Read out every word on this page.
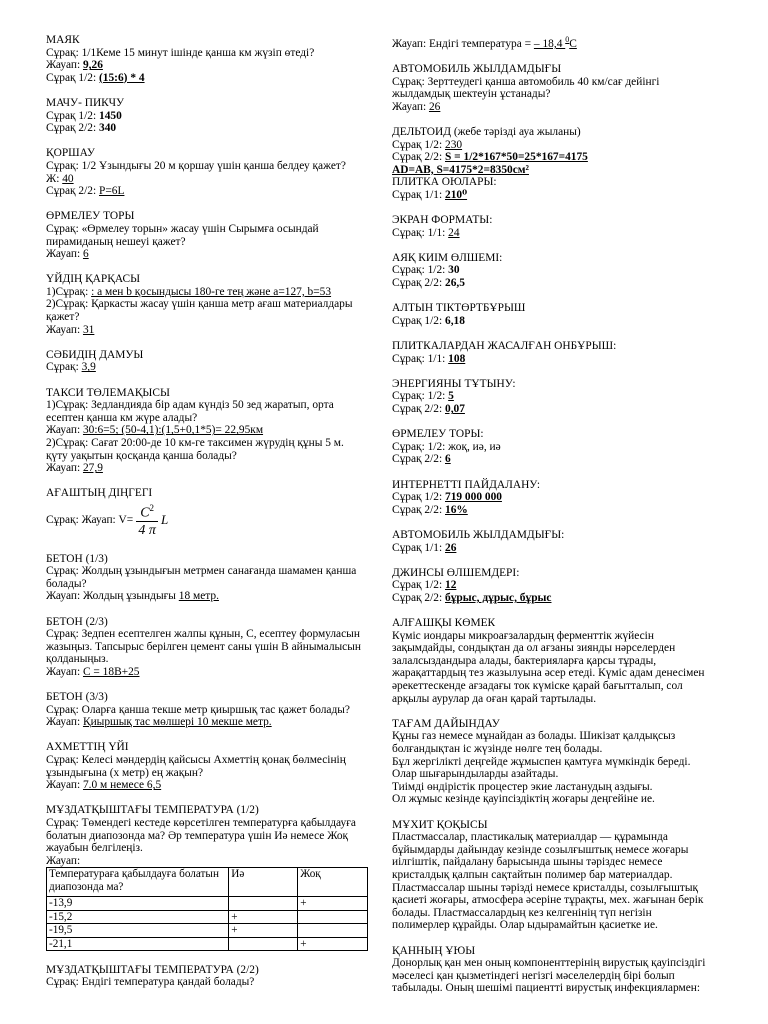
МАЯК
Сұрақ: 1/1Кеме 15 минут ішінде қанша км жүзіп өтеді?
Жауап: 9,26
Сұрақ 1/2: (15:6) * 4
МАЧУ- ПИКЧУ
Сұрақ 1/2: 1450
Сұрақ 2/2: 340
ҚОРШАУ
Сұрақ: 1/2 Ұзындығы 20 м қоршау үшін қанша белдеу қажет?
Ж: 40
Сұрақ 2/2: P=6L
ӨРМЕЛЕУ ТОРЫ
Сұрақ: «Өрмелеу торын» жасау үшін Сырымға осындай
пирамиданың нешеуі қажет?
Жауап: 6
ҮЙДІҢ ҚАРҚАСЫ
1)Сұрақ: : a мен b қосындысы 180-ге тең және a=127, b=53
2)Сұрақ: Қаркасты жасау үшін қанша метр ағаш материалдары
қажет?
Жауап: 31
СӘБИДІҢ ДАМУЫ
Сұрақ: 3,9
ТАКСИ ТӨЛЕМАҚЫСЫ
1)Сұрақ: Зедландияда бір адам күндіз 50 зед жаратып, орта
есептен қанша км жүре алады?
Жауап: 30:6=5; (50-4,1):(1,5+0,1*5)= 22,95км
2)Сұрақ: Сағат 20:00-де 10 км-ге таксимен жүрудің құны 5 м.
қүту уақытын қосқанда қанша болады?
Жауап: 27,9
АҒАШТЫҢ ДІҢГЕГІ
Сұрақ: Жауап: $V= \frac{C^2}{4 \pi}$ L
БЕТОН (1/3)
Сұрақ: Жолдың ұзындығын метрмен санағанда шамамен қанша
болады?
Жауап: Жолдың ұзындығы 18 метр.
БЕТОН (2/3)
Сұрақ: Зедпен есептелген жалпы құнын, С, есептеу формуласын
жазыңыз. Тапсырыс берілген цемент саны үшін В айнымалысын
қолданыңыз.
Жауап: C = 18B+25
БЕТОН (3/3)
Сұрақ: Оларға қанша текше метр қиыршық тас қажет болады?
Жауап: Қиыршық тас мөлшері 10 мекше метр.
АХМЕТТІҢ ҮЙІ
Сұрақ: Келесі мәндердің қайсысы Ахметтің қонақ бөлмесінің
ұзындығына (х метр) ең жақын?
Жауап: 7.0 м немесе 6,5
МҰЗДАТҚЫШТАҒЫ ТЕМПЕРАТУРА (1/2)
Сұрақ: Төмендегі кестеде көрсетілген температурға қабылдауға
болатын диапозонда ма? Әр температура үшін Иә немесе Жоқ
жауабын белгілеңіз.
Жауап:
Температураға қабылдауға болатын диапозонда ма?	Иә	Жоқ
-13,9		+
-15,2	+	
-19,5	+	
-21,1		+
МҰЗДАТҚЫШТАҒЫ ТЕМПЕРАТУРА (2/2)
Сұрақ: Ендігі температура қандай болады?
Жауап: Ендігі температура = – 18,4 $^0$С
АВТОМОБИЛЬ ЖЫЛДАМДЫҒЫ
Сұрақ: Зерттеудегі қанша автомобиль 40 км/сағ дейінгі
жылдамдық шектеуін ұстанады?
Жауап: 26
ДЕЛЬТОИД (жебе тәрізді ауа жыланы)
Сұрақ 1/2: 230
Сұрақ 2/2: S = 1/2*167*50=25*167=4175
AD=AB, S=4175*2=8350см²
ПЛИТКА ОЮЛАРЫ:
Сұрақ 1/1: 210⁰
ЭКРАН ФОРМАТЫ:
Сұрақ: 1/1: 24
АЯҚ КИІМ ӨЛШЕМІ:
Сұрақ: 1/2: 30
Сұрақ 2/2: 26,5
АЛТЫН ТІКТӨРТБҰРЫШ
Сұрақ 1/2: 6,18
ПЛИТКАЛАРДАН ЖАСАЛҒАН ОНБҰРЫШ:
Сұрақ: 1/1: 108
ЭНЕРГИЯНЫ ТҰТЫНУ:
Сұрақ: 1/2: 5
Сұрақ 2/2: 0,07
ӨРМЕЛЕУ ТОРЫ:
Сұрақ: 1/2: жоқ, иә, иә
Сұрақ 2/2: 6
ИНТЕРНЕТТІ ПАЙДАЛАНУ:
Сұрақ 1/2: 719 000 000
Сұрақ 2/2: 16%
АВТОМОБИЛЬ ЖЫЛДАМДЫҒЫ:
Сұрақ 1/1: 26
ДЖИНСЫ ӨЛШЕМДЕРІ:
Сұрақ 1/2: 12
Сұрақ 2/2: бұрыс, дұрыс, бұрыс
АЛҒАШҚЫ КӨМЕК
Күміс иондары микроағзалардың ферменттік жүйесін
зақымдайды, сондықтан да ол ағзаны зиянды нәрселерден
залалсыздандыра алады, бактерияларға қарсы тұрады,
жарақаттардың тез жазылуына әсер етеді. Күміс адам денесімен
әрекеттескенде ағзадағы ток күмiске қарай бағытталып, сол
арқылы аурулар да оған қарай тартылады.
ТАҒАМ ДАЙЫНДАУ
Құны газ немесе мұнайдан аз болады. Шикізат қалдықсыз
болғандықтан іс жүзінде нөлге тең болады.
Бұл жергілікті деңгейде жұмыспен қамтуға мүмкіндік береді.
Олар шығарындыларды азайтады.
Тиімді өндірістік процестер экие ластанудың аздығы.
Ол жұмыс кезінде қауіпсіздіктің жоғары деңгейіне ие.
МҰХИТ ҚОҚЫСЫ
Пластмассалар, пластикалық материалдар — құрамында
бұйымдарды дайындау кезінде созылғыштық немесе жоғары
иілгіштік, пайдалану барысында шыны тәрiздес немесе
кристалдық қалпын сақтайтын полимер бар материалдар.
Пластмассалар шыны тәрізді немесе кристалды, созылғыштық
қасиеті жоғары, атмосфера әсеріне тұрақты, мех. жағынан берік
болады. Пластмассалардың кез келгенінің түп негізін
полимерлер құрайды. Олар ыдырамайтын қасиетке ие.
ҚАННЫҢ ҰЮЫ
Донорлық қан мен оның компоненттерінің вирустық қауіпсіздігі
мәселесі қан қызметіндегі негізгі мәселелердің бірі болып
табылады. Оның шешімі пациентті вирустық инфекциялармен:
